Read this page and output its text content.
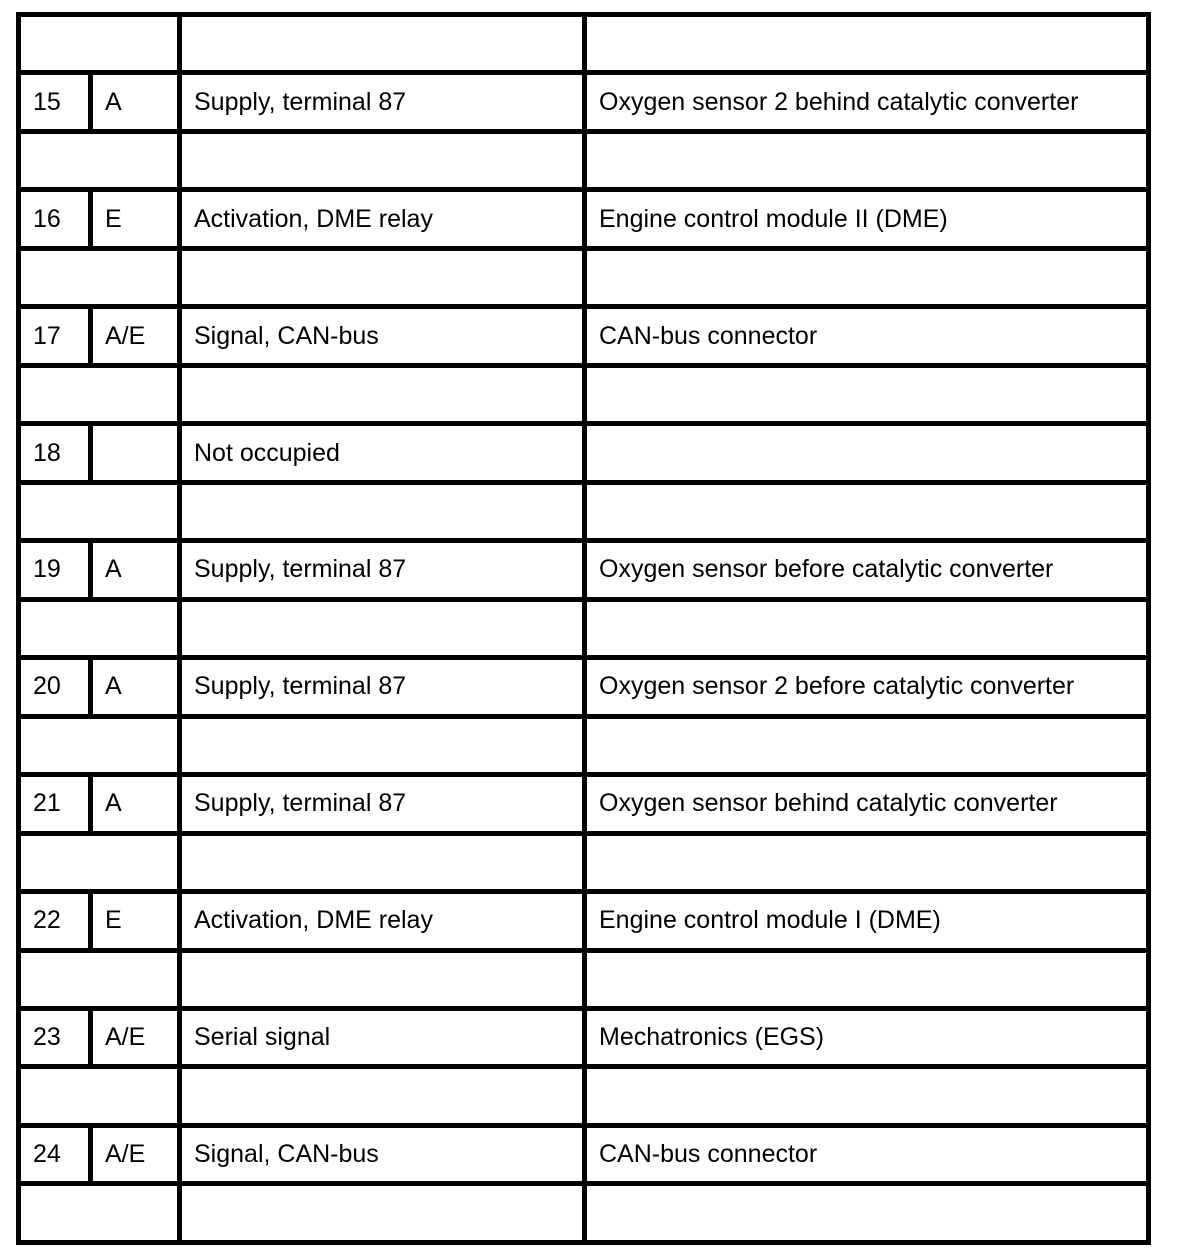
15	A	Supply, terminal 87	Oxygen sensor 2 behind catalytic converter

16	E	Activation, DME relay	Engine control module II (DME)

17	A/E	Signal, CAN-bus	CAN-bus connector

18		Not occupied	

19	A	Supply, terminal 87	Oxygen sensor before catalytic converter

20	A	Supply, terminal 87	Oxygen sensor 2 before catalytic converter

21	A	Supply, terminal 87	Oxygen sensor behind catalytic converter

22	E	Activation, DME relay	Engine control module I (DME)

23	A/E	Serial signal	Mechatronics (EGS)

24	A/E	Signal, CAN-bus	CAN-bus connector
